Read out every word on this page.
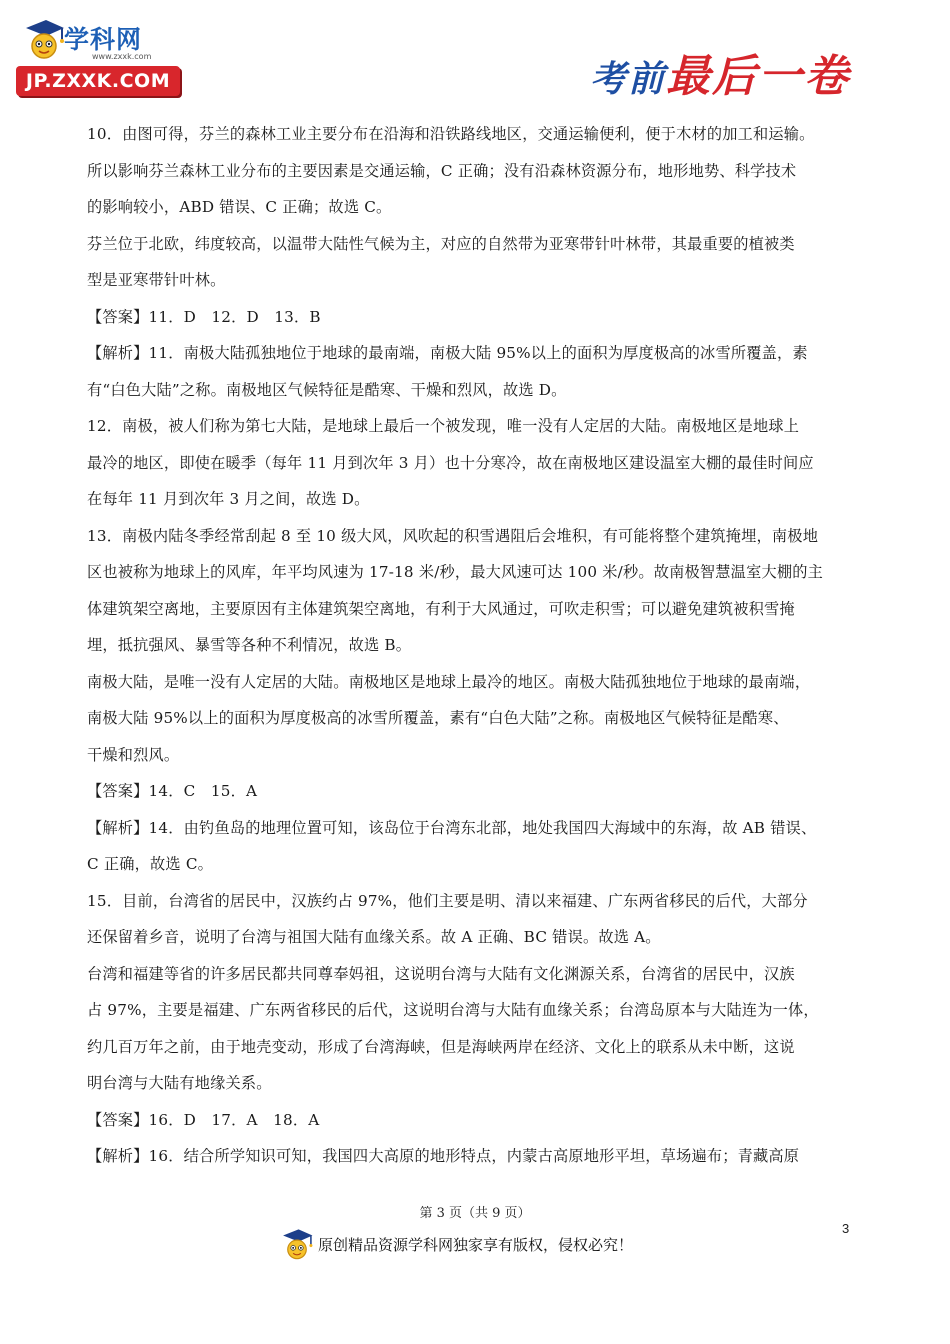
学科网
www.zxxk.com
JP.ZXXK.COM	考前最后一卷
10．由图可得，芬兰的森林工业主要分布在沿海和沿铁路线地区，交通运输便利，便于木材的加工和运输。
所以影响芬兰森林工业分布的主要因素是交通运输，C 正确；没有沿森林资源分布，地形地势、科学技术
的影响较小，ABD 错误、C 正确；故选 C。
芬兰位于北欧，纬度较高，以温带大陆性气候为主，对应的自然带为亚寒带针叶林带，其最重要的植被类
型是亚寒带针叶林。
【答案】11．D　12．D　13．B
【解析】11．南极大陆孤独地位于地球的最南端，南极大陆 95%以上的面积为厚度极高的冰雪所覆盖，素
有“白色大陆”之称。南极地区气候特征是酷寒、干燥和烈风，故选 D。
12．南极，被人们称为第七大陆，是地球上最后一个被发现，唯一没有人定居的大陆。南极地区是地球上
最冷的地区，即使在暖季（每年 11 月到次年 3 月）也十分寒冷，故在南极地区建设温室大棚的最佳时间应
在每年 11 月到次年 3 月之间，故选 D。
13．南极内陆冬季经常刮起 8 至 10 级大风，风吹起的积雪遇阻后会堆积，有可能将整个建筑掩埋，南极地
区也被称为地球上的风库，年平均风速为 17-18 米/秒，最大风速可达 100 米/秒。故南极智慧温室大棚的主
体建筑架空离地，主要原因有主体建筑架空离地，有利于大风通过，可吹走积雪；可以避免建筑被积雪掩
埋，抵抗强风、暴雪等各种不利情况，故选 B。
南极大陆，是唯一没有人定居的大陆。南极地区是地球上最冷的地区。南极大陆孤独地位于地球的最南端，
南极大陆 95%以上的面积为厚度极高的冰雪所覆盖，素有“白色大陆”之称。南极地区气候特征是酷寒、
干燥和烈风。
【答案】14．C　15．A
【解析】14．由钓鱼岛的地理位置可知，该岛位于台湾东北部，地处我国四大海域中的东海，故 AB 错误、
C 正确，故选 C。
15．目前，台湾省的居民中，汉族约占 97%，他们主要是明、清以来福建、广东两省移民的后代，大部分
还保留着乡音，说明了台湾与祖国大陆有血缘关系。故 A 正确、BC 错误。故选 A。
台湾和福建等省的许多居民都共同尊奉妈祖，这说明台湾与大陆有文化渊源关系，台湾省的居民中，汉族
占 97%，主要是福建、广东两省移民的后代，这说明台湾与大陆有血缘关系；台湾岛原本与大陆连为一体，
约几百万年之前，由于地壳变动，形成了台湾海峡，但是海峡两岸在经济、文化上的联系从未中断，这说
明台湾与大陆有地缘关系。
【答案】16．D　17．A　18．A
【解析】16．结合所学知识可知，我国四大高原的地形特点，内蒙古高原地形平坦，草场遍布；青藏高原
第 3 页（共 9 页）
3
原创精品资源学科网独家享有版权，侵权必究！
